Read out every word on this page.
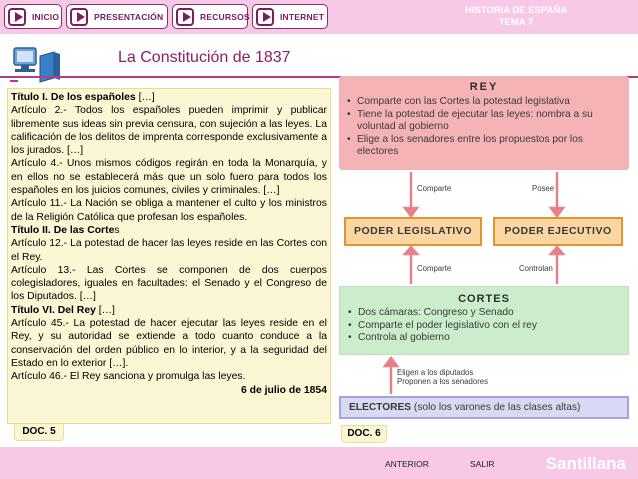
INICIO	PRESENTACIÓN	RECURSOS	INTERNET
HISTORIA DE ESPAÑA
TEMA 7
La Constitución de 1837
Título I. De los españoles […]
Artículo 2.- Todos los españoles pueden imprimir y publicar libremente sus ideas sin previa censura, con sujeción a las leyes. La calificación de los delitos de imprenta corresponde exclusivamente a los jurados. […]
Artículo 4.- Unos mismos códigos regirán en toda la Monarquía, y en ellos no se establecerá más que un solo fuero para todos los españoles en los juicios comunes, civiles y criminales. […]
Artículo 11.- La Nación se obliga a mantener el culto y los ministros de la Religión Católica que profesan los españoles.
Título II. De las Cortes
Artículo 12.- La potestad de hacer las leyes reside en las Cortes con el Rey.
Artículo 13.- Las Cortes se componen de dos cuerpos colegisladores, iguales en facultades: el Senado y el Congreso de los Diputados. […]
Título VI. Del Rey […]
Artículo 45.- La potestad de hacer ejecutar las leyes reside en el Rey, y su autoridad se extiende a todo cuanto conduce a la conservación del orden público en lo interior, y a la seguridad del Estado en lo exterior […].
Artículo 46.- El Rey sanciona y promulga las leyes.
6 de julio de 1854
DOC. 5
REY
• Comparte con las Cortes la potestad legislativa
• Tiene la potestad de ejecutar las leyes: nombra a su voluntad al gobierno
• Elige a los senadores entre los propuestos por los electores
Comparte	Posee
PODER LEGISLATIVO	PODER EJECUTIVO
Comparte	Controlan
CORTES
• Dos cámaras: Congreso y Senado
• Comparte el poder legislativo con el rey
• Controla al gobierno
Eligen a los diputados
Proponen a los senadores
ELECTORES (solo los varones de las clases altas)
DOC. 6
ANTERIOR	SALIR	Santillana
